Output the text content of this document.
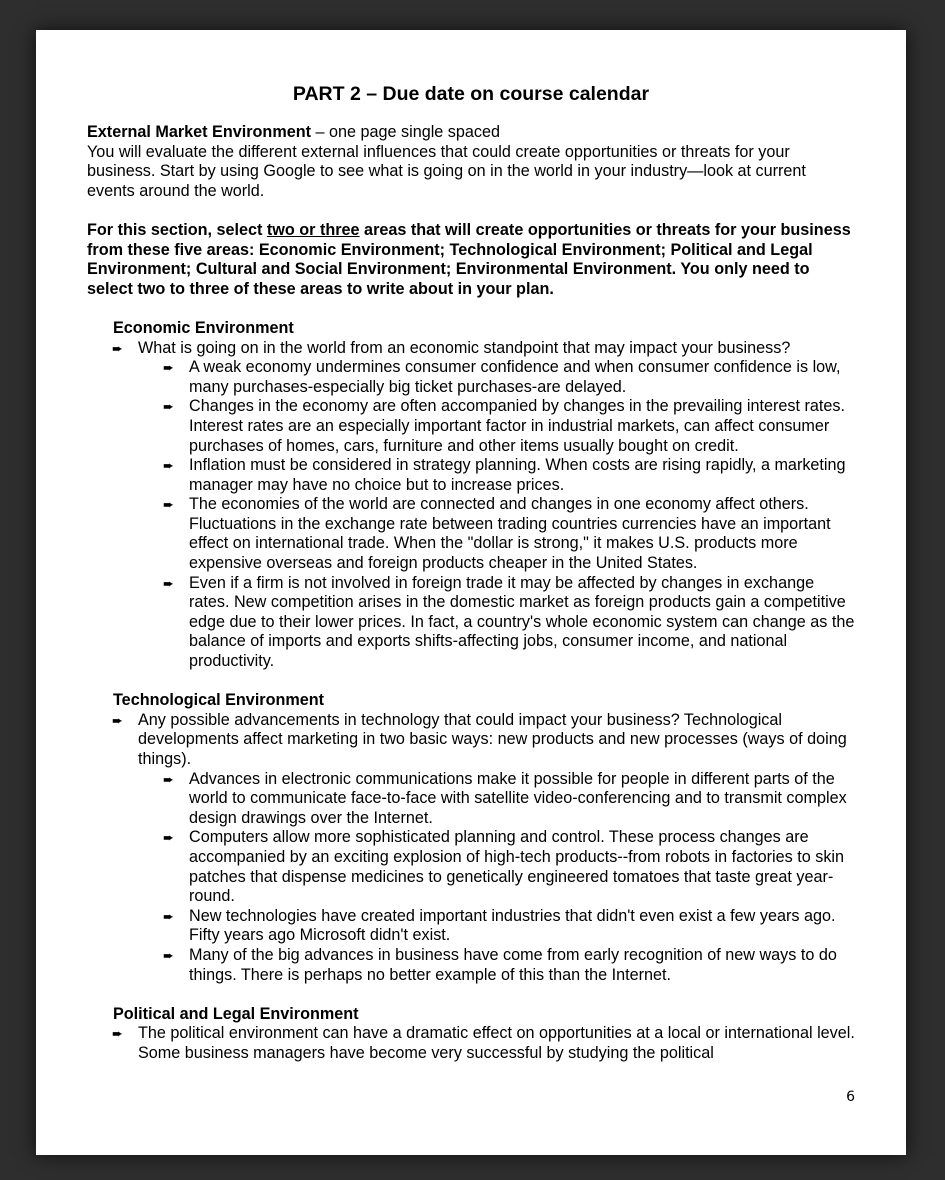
PART 2 – Due date on course calendar

External Market Environment – one page single spaced

You will evaluate the different external influences that could create opportunities or threats for your business. Start by using Google to see what is going on in the world in your industry—look at current events around the world.

For this section, select two or three areas that will create opportunities or threats for your business from these five areas: Economic Environment; Technological Environment; Political and Legal Environment; Cultural and Social Environment; Environmental Environment. You only need to select two to three of these areas to write about in your plan.

Economic Environment

➨ What is going on in the world from an economic standpoint that may impact your business?
➨ A weak economy undermines consumer confidence and when consumer confidence is low, many purchases-especially big ticket purchases-are delayed.
➨ Changes in the economy are often accompanied by changes in the prevailing interest rates. Interest rates are an especially important factor in industrial markets, can affect consumer purchases of homes, cars, furniture and other items usually bought on credit.
➨ Inflation must be considered in strategy planning. When costs are rising rapidly, a marketing manager may have no choice but to increase prices.
➨ The economies of the world are connected and changes in one economy affect others. Fluctuations in the exchange rate between trading countries currencies have an important effect on international trade. When the "dollar is strong," it makes U.S. products more expensive overseas and foreign products cheaper in the United States.
➨ Even if a firm is not involved in foreign trade it may be affected by changes in exchange rates. New competition arises in the domestic market as foreign products gain a competitive edge due to their lower prices. In fact, a country's whole economic system can change as the balance of imports and exports shifts-affecting jobs, consumer income, and national productivity.

Technological Environment

➨ Any possible advancements in technology that could impact your business? Technological developments affect marketing in two basic ways: new products and new processes (ways of doing things).
➨ Advances in electronic communications make it possible for people in different parts of the world to communicate face-to-face with satellite video-conferencing and to transmit complex design drawings over the Internet.
➨ Computers allow more sophisticated planning and control. These process changes are accompanied by an exciting explosion of high-tech products--from robots in factories to skin patches that dispense medicines to genetically engineered tomatoes that taste great year-round.
➨ New technologies have created important industries that didn't even exist a few years ago. Fifty years ago Microsoft didn't exist.
➨ Many of the big advances in business have come from early recognition of new ways to do things. There is perhaps no better example of this than the Internet.

Political and Legal Environment

➨ The political environment can have a dramatic effect on opportunities at a local or international level. Some business managers have become very successful by studying the political
6
